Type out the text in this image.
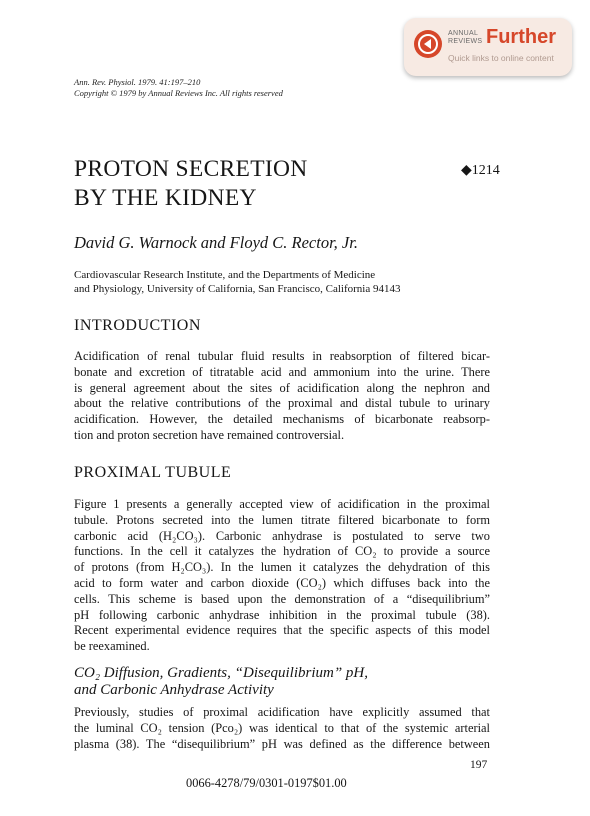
ANNUAL
REVIEWS Further
Quick links to online content
Ann. Rev. Physiol. 1979. 41:197–210
Copyright © 1979 by Annual Reviews Inc. All rights reserved
PROTON SECRETION
BY THE KIDNEY
◆1214
David G. Warnock and Floyd C. Rector, Jr.
Cardiovascular Research Institute, and the Departments of Medicine
and Physiology, University of California, San Francisco, California 94143
INTRODUCTION
Acidification of renal tubular fluid results in reabsorption of filtered bicar-
bonate and excretion of titratable acid and ammonium into the urine. There
is general agreement about the sites of acidification along the nephron and
about the relative contributions of the proximal and distal tubule to urinary
acidification. However, the detailed mechanisms of bicarbonate reabsorp-
tion and proton secretion have remained controversial.
PROXIMAL TUBULE
Figure 1 presents a generally accepted view of acidification in the proximal
tubule. Protons secreted into the lumen titrate filtered bicarbonate to form
carbonic acid (H₂CO₃). Carbonic anhydrase is postulated to serve two
functions. In the cell it catalyzes the hydration of CO₂ to provide a source
of protons (from H₂CO₃). In the lumen it catalyzes the dehydration of this
acid to form water and carbon dioxide (CO₂) which diffuses back into the
cells. This scheme is based upon the demonstration of a “disequilibrium”
pH following carbonic anhydrase inhibition in the proximal tubule (38).
Recent experimental evidence requires that the specific aspects of this model
be reexamined.
CO₂ Diffusion, Gradients, “Disequilibrium” pH,
and Carbonic Anhydrase Activity
Previously, studies of proximal acidification have explicitly assumed that
the luminal CO₂ tension (Pco₂) was identical to that of the systemic arterial
plasma (38). The “disequilibrium” pH was defined as the difference between
197
0066-4278/79/0301-0197$01.00
